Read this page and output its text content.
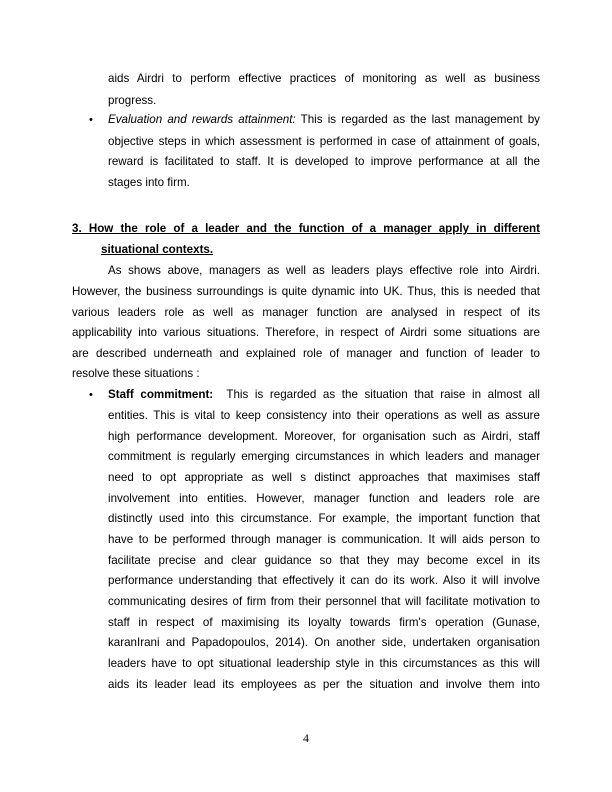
aids Airdri to perform effective practices of monitoring as well as business
progress.
• Evaluation and rewards attainment: This is regarded as the last management by
objective steps in which assessment is performed in case of attainment of goals,
reward is facilitated to staff. It is developed to improve performance at all the
stages into firm.
3. How the role of a leader and the function of a manager apply in different
situational contexts.
As shows above, managers as well as leaders plays effective role into Airdri.
However, the business surroundings is quite dynamic into UK. Thus, this is needed that
various leaders role as well as manager function are analysed in respect of its
applicability into various situations. Therefore, in respect of Airdri some situations are
are described underneath and explained role of manager and function of leader to
resolve these situations :
• Staff commitment: This is regarded as the situation that raise in almost all
entities. This is vital to keep consistency into their operations as well as assure
high performance development. Moreover, for organisation such as Airdri, staff
commitment is regularly emerging circumstances in which leaders and manager
need to opt appropriate as well s distinct approaches that maximises staff
involvement into entities. However, manager function and leaders role are
distinctly used into this circumstance. For example, the important function that
have to be performed through manager is communication. It will aids person to
facilitate precise and clear guidance so that they may become excel in its
performance understanding that effectively it can do its work. Also it will involve
communicating desires of firm from their personnel that will facilitate motivation to
staff in respect of maximising its loyalty towards firm's operation (Gunase,
karanIrani and Papadopoulos, 2014). On another side, undertaken organisation
leaders have to opt situational leadership style in this circumstances as this will
aids its leader lead its employees as per the situation and involve them into
4
